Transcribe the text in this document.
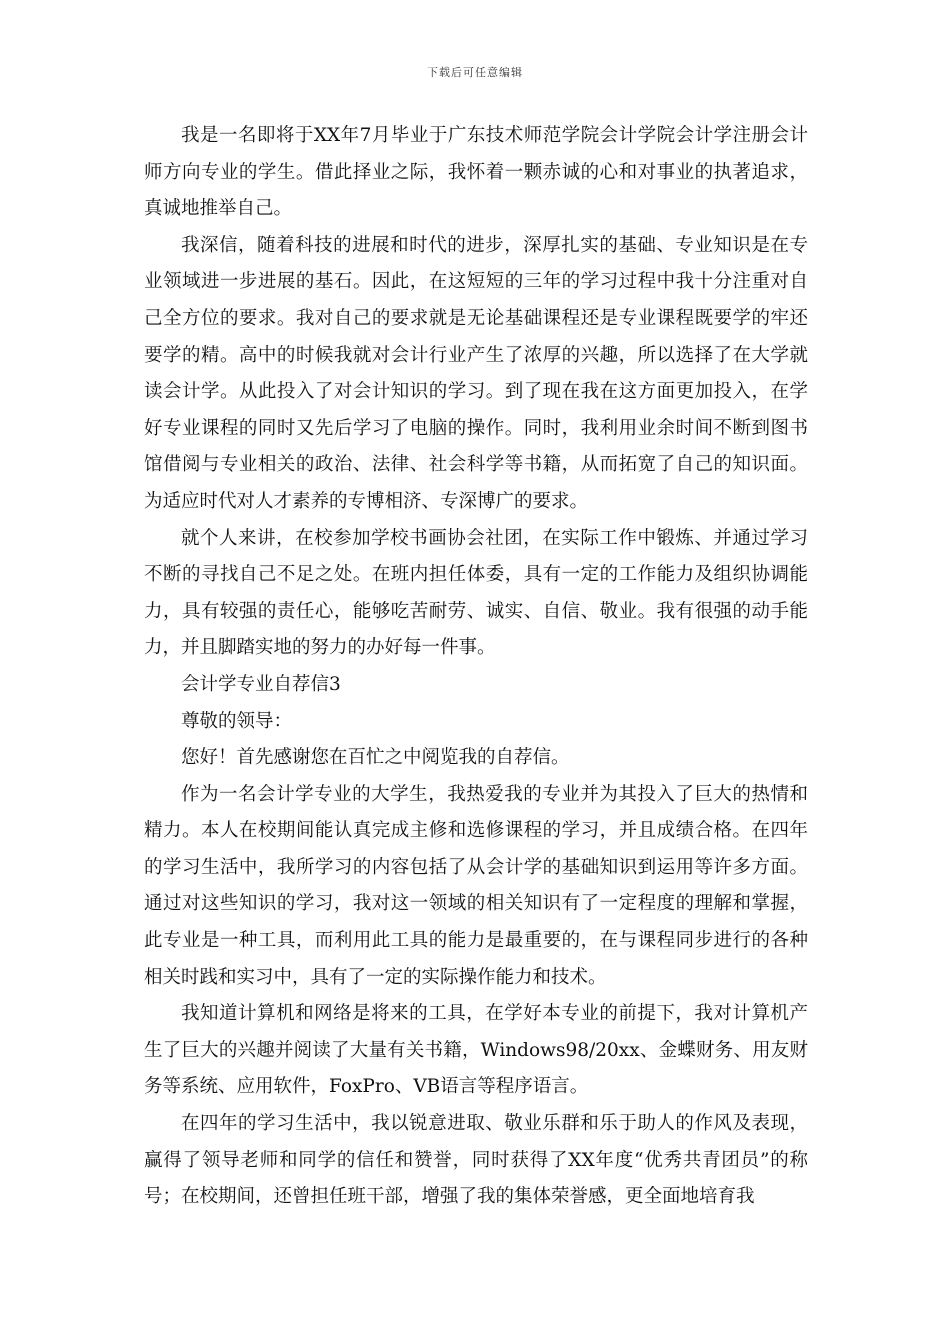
下载后可任意编辑

我是一名即将于XX年7月毕业于广东技术师范学院会计学院会计学注册会计师方向专业的学生。借此择业之际，我怀着一颗赤诚的心和对事业的执著追求，真诚地推举自己。

我深信，随着科技的进展和时代的进步，深厚扎实的基础、专业知识是在专业领域进一步进展的基石。因此，在这短短的三年的学习过程中我十分注重对自己全方位的要求。我对自己的要求就是无论基础课程还是专业课程既要学的牢还要学的精。高中的时候我就对会计行业产生了浓厚的兴趣，所以选择了在大学就读会计学。从此投入了对会计知识的学习。到了现在我在这方面更加投入，在学好专业课程的同时又先后学习了电脑的操作。同时，我利用业余时间不断到图书馆借阅与专业相关的政治、法律、社会科学等书籍，从而拓宽了自己的知识面。为适应时代对人才素养的专博相济、专深博广的要求。

就个人来讲，在校参加学校书画协会社团，在实际工作中锻炼、并通过学习不断的寻找自己不足之处。在班内担任体委，具有一定的工作能力及组织协调能力，具有较强的责任心，能够吃苦耐劳、诚实、自信、敬业。我有很强的动手能力，并且脚踏实地的努力的办好每一件事。

会计学专业自荐信3

尊敬的领导：

您好！首先感谢您在百忙之中阅览我的自荐信。

作为一名会计学专业的大学生，我热爱我的专业并为其投入了巨大的热情和精力。本人在校期间能认真完成主修和选修课程的学习，并且成绩合格。在四年的学习生活中，我所学习的内容包括了从会计学的基础知识到运用等许多方面。通过对这些知识的学习，我对这一领域的相关知识有了一定程度的理解和掌握，此专业是一种工具，而利用此工具的能力是最重要的，在与课程同步进行的各种相关时践和实习中，具有了一定的实际操作能力和技术。

我知道计算机和网络是将来的工具，在学好本专业的前提下，我对计算机产生了巨大的兴趣并阅读了大量有关书籍，Windows98/20xx、金蝶财务、用友财务等系统、应用软件，FoxPro、VB语言等程序语言。

在四年的学习生活中，我以锐意进取、敬业乐群和乐于助人的作风及表现，赢得了领导老师和同学的信任和赞誉，同时获得了XX年度“优秀共青团员”的称号；在校期间，还曾担任班干部，增强了我的集体荣誉感，更全面地培育我
